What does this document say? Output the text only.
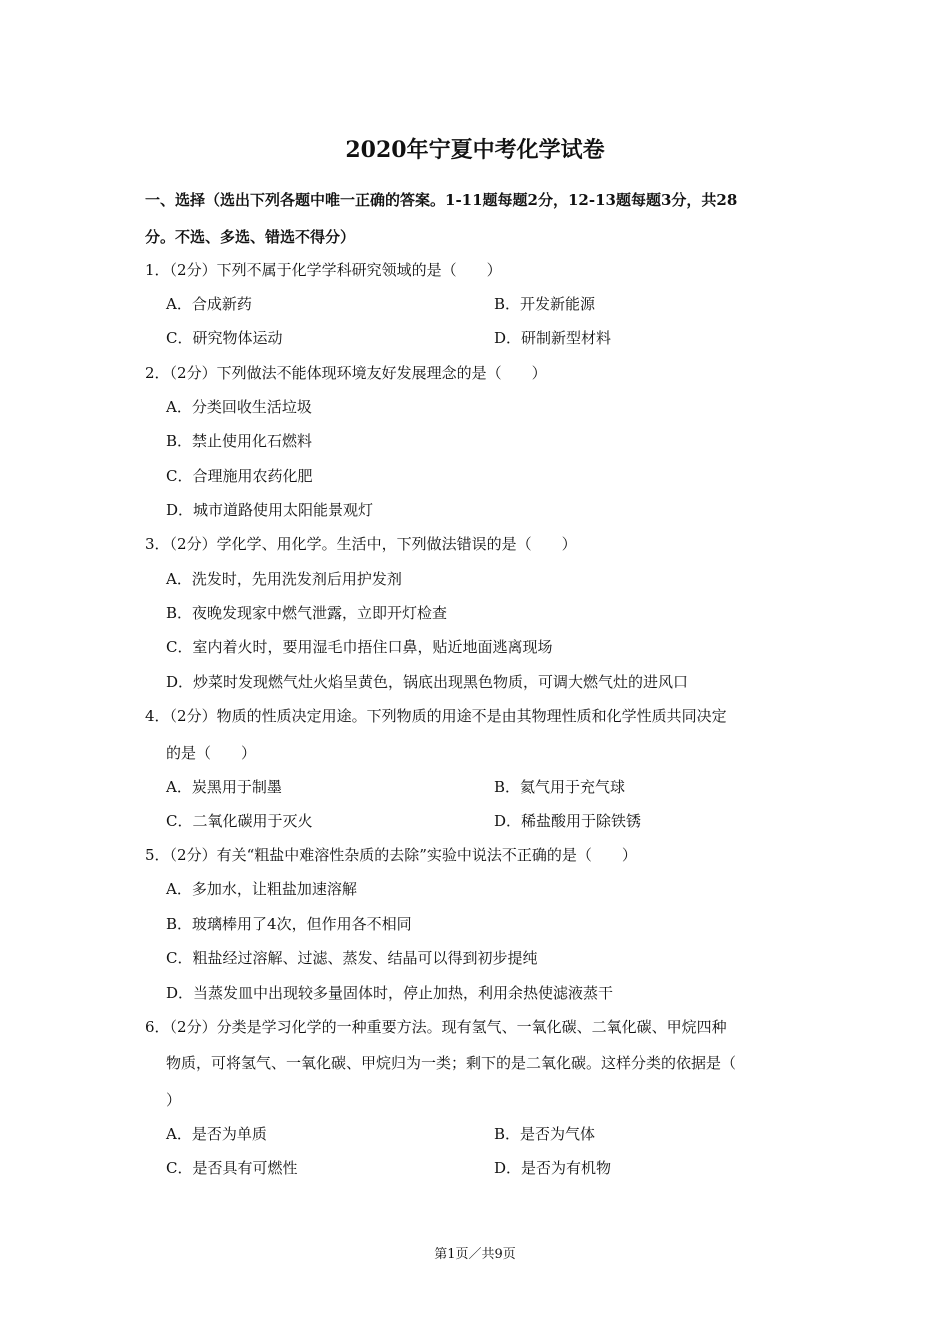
2020年宁夏中考化学试卷
一、选择（选出下列各题中唯一正确的答案。1-11题每题2分，12-13题每题3分，共28
分。不选、多选、错选不得分）
1．（2分）下列不属于化学学科研究领域的是（　　）
A．合成新药	B．开发新能源
C．研究物体运动	D．研制新型材料
2．（2分）下列做法不能体现环境友好发展理念的是（　　）
A．分类回收生活垃圾
B．禁止使用化石燃料
C．合理施用农药化肥
D．城市道路使用太阳能景观灯
3．（2分）学化学、用化学。生活中，下列做法错误的是（　　）
A．洗发时，先用洗发剂后用护发剂
B．夜晚发现家中燃气泄露，立即开灯检查
C．室内着火时，要用湿毛巾捂住口鼻，贴近地面逃离现场
D．炒菜时发现燃气灶火焰呈黄色，锅底出现黑色物质，可调大燃气灶的进风口
4．（2分）物质的性质决定用途。下列物质的用途不是由其物理性质和化学性质共同决定
的是（　　）
A．炭黑用于制墨	B．氦气用于充气球
C．二氧化碳用于灭火	D．稀盐酸用于除铁锈
5．（2分）有关“粗盐中难溶性杂质的去除”实验中说法不正确的是（　　）
A．多加水，让粗盐加速溶解
B．玻璃棒用了4次，但作用各不相同
C．粗盐经过溶解、过滤、蒸发、结晶可以得到初步提纯
D．当蒸发皿中出现较多量固体时，停止加热，利用余热使滤液蒸干
6．（2分）分类是学习化学的一种重要方法。现有氢气、一氧化碳、二氧化碳、甲烷四种
物质，可将氢气、一氧化碳、甲烷归为一类；剩下的是二氧化碳。这样分类的依据是（
）
A．是否为单质	B．是否为气体
C．是否具有可燃性	D．是否为有机物
第1页／共9页
